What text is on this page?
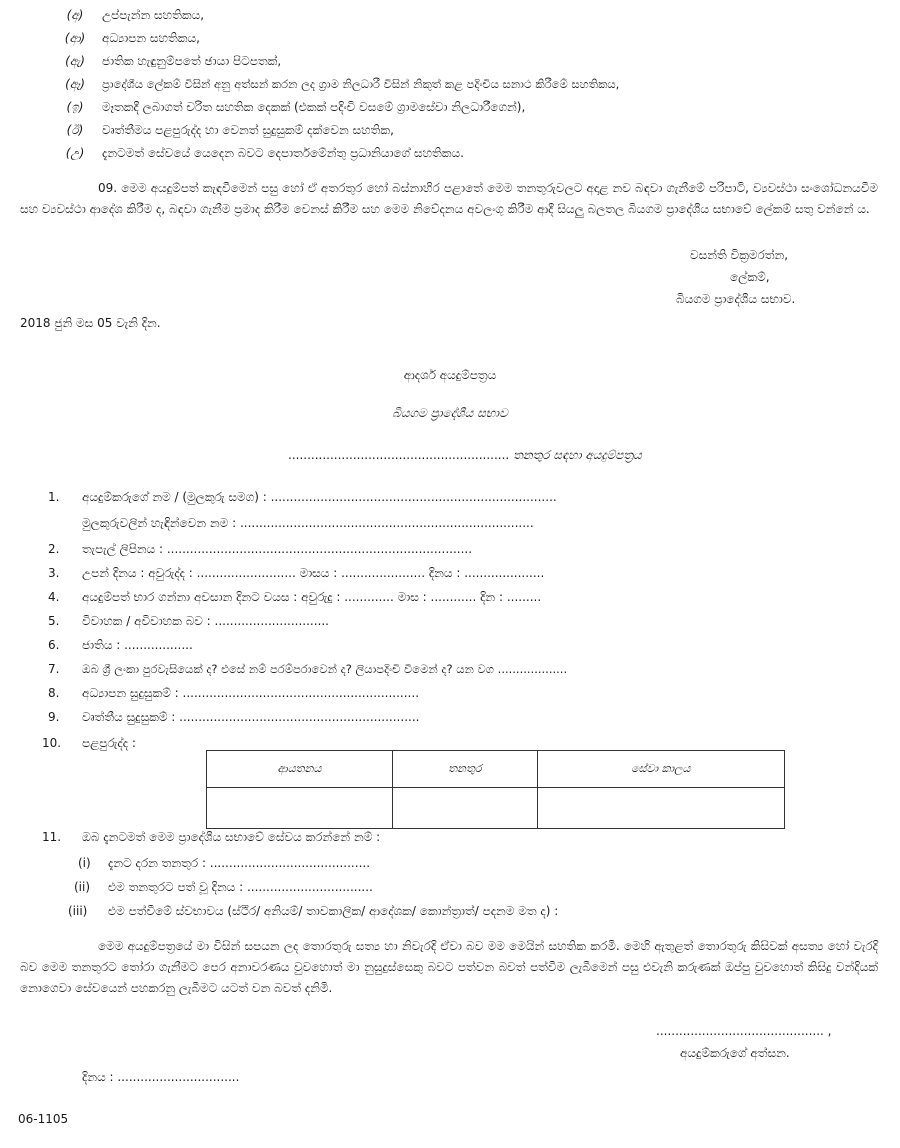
(අ)	උප්පැන්න සහතිකය,
(ආ) අධ්‍යාපන සහතිකය,
(ඇ) ජාතික හැඳුනුම්පතේ ඡායා පිටපතක්,
(ඈ) ප්‍රාදේශීය ලේකම් විසින් අනු අත්සන් කරන ලද ග්‍රාම නිලධාරී විසින් නිකුත් කළ පදිංචිය සනාථ කිරීමේ සහතිකය,
(ඉ)	මෑතකදී ලබාගත් චරිත සහතික දෙකක් (එකක් පදිංචි වසමේ ග්‍රාමසේවා නිලධාරීගෙන්),
(ඊ)	වෘත්තීමය පළපුරුද්ද හා වෙනත් සුදුසුකම් දක්වෙන සහතික,
(උ)	දැනටමත් සේවයේ යෙදෙන බවට දෙපාර්තමේන්තු ප්‍රධානියාගේ සහතිකය.
09. මෙම අයදුම්පත් කැඳවීමෙන් පසු හෝ ඒ අතරතුර හෝ බස්නාහිර පළාතේ මෙම තනතුරුවලට අදාළ නව බඳවා ගැනීමේ පරිපාටි, ව්‍යවස්ථා සංශෝධනයවීම සහ ව්‍යවස්ථා ආදේශ කිරීම ද, බඳවා ගැනීම ප්‍රමාද කිරීම වෙනස් කිරීම සහ මෙම නිවේදනය අවලංගු කිරීම ආදී සියලු බලතල බියගම ප්‍රාදේශීය සභාවේ ලේකම් සතු වන්නේ ය.
වසන්ති වික්‍රමරත්න,
ලේකම්,
බියගම ප්‍රාදේශීය සභාව.
2018 ජුනි මස 05 වැනි දින.
ආදර්ශ අයදුම්පත්‍රය
බියගම ප්‍රාදේශීය සභාව
.......................................................... තනතුර සඳහා අයදුම්පත්‍රය
1. අයදුම්කරුගේ නම / (මුලකුරු සමග) : ...........................................................................
මුලකුරුවලින් හැඳින්වෙන නම : .............................................................................
2. තැපැල් ලිපිනය : ................................................................................
3. උපන් දිනය : අවුරුද්ද : .......................... මාසය : ...................... දිනය : .....................
4. අයදුම්පත් භාර ගන්නා අවසාන දිනට වයස : අවුරුදු : ............. මාස : ............ දින : .........
5. විවාහක / අවිවාහක බව : ..............................
6. ජාතිය : ..................
7. ඔබ ශ්‍රී ලංකා පුරවැසියෙක් ද? එසේ නම් පරම්පරාවෙන් ද? ලියාපදිංචි වීමෙන් ද? යන වග ...................
8. අධ්‍යාපන සුදුසුකම් : ..............................................................
9. වෘත්තීය සුදුසුකම් : ...............................................................
10. පළපුරුද්ද :
ආයතනය	තනතුර	සේවා කාලය

11. ඔබ දැනටමත් මෙම ප්‍රාදේශීය සභාවේ සේවය කරන්නේ නම් :
(i) දැනට දරන තනතුර : ..........................................
(ii) එම තනතුරට පත් වූ දිනය : .................................
(iii) එම පත්වීමේ ස්වභාවය (ස්ථිර/ අනියම්/ තාවකාලික/ ආදේශක/ කොන්ත්‍රාත්/ පදනම මත ද) :
මෙම අයදුම්පත්‍රයේ මා විසින් සපයන ලද තොරතුරු සත්‍ය හා නිවැරදි ඒවා බව මම මෙයින් සහතික කරමි. මෙහි ඇතුළත් තොරතුරු කිසිවක් අසත්‍ය හෝ වැරදි බව මෙම තනතුරට තෝරා ගැනීමට පෙර අනාවරණය වුවහොත් මා නුසුදුස්සෙකු බවට පත්වන බවත් පත්වීම ලැබීමෙන් පසු එවැනි කරුණක් ඔප්පු වුවහොත් කිසිදු වන්දියක් නොගෙවා සේවයෙන් පහකරනු ලැබීමට යටත් වන බවත් දනිමි.
............................................ ,
අයදුම්කරුගේ අත්සන.
දිනය : ................................
06-1105
